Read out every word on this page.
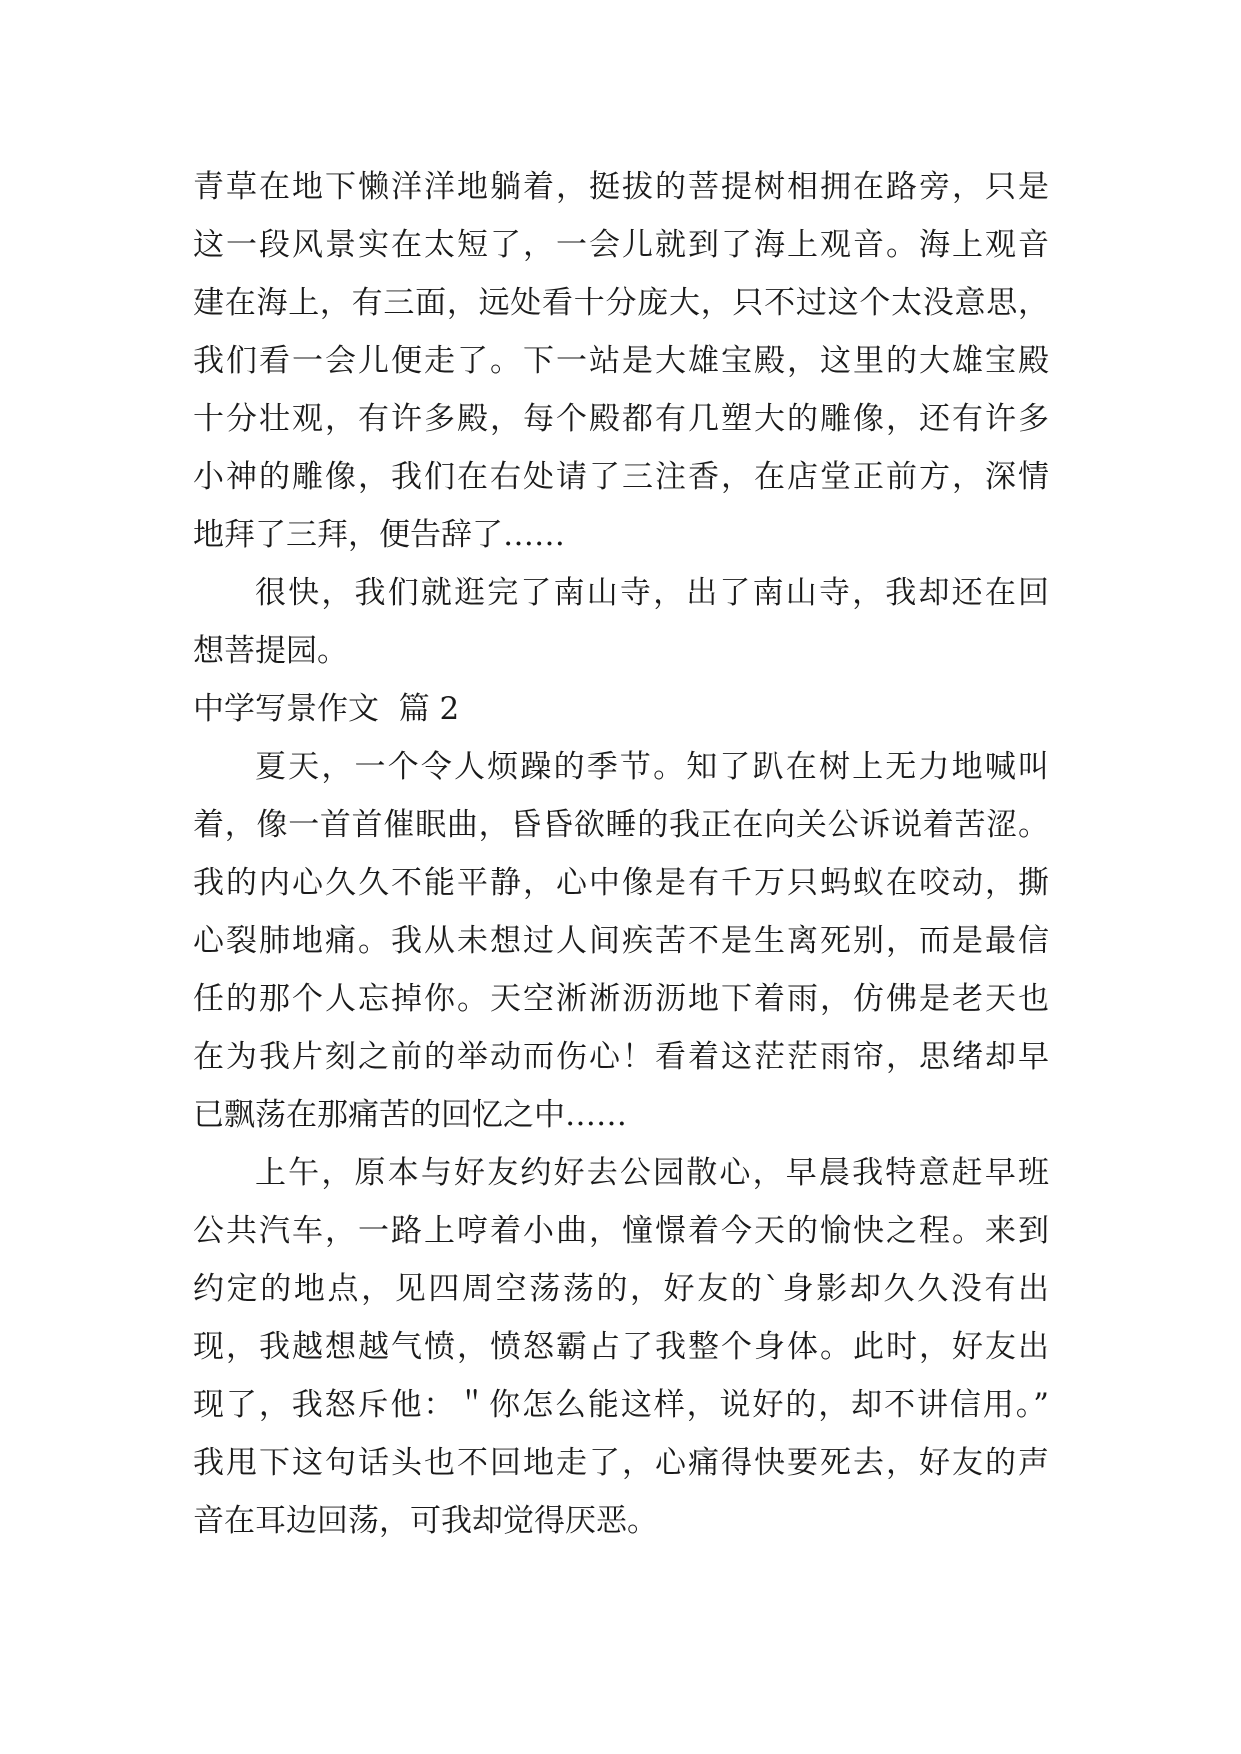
青草在地下懒洋洋地躺着，挺拔的菩提树相拥在路旁，只是
这一段风景实在太短了，一会儿就到了海上观音。海上观音
建在海上，有三面，远处看十分庞大，只不过这个太没意思，
我们看一会儿便走了。下一站是大雄宝殿，这里的大雄宝殿
十分壮观，有许多殿，每个殿都有几塑大的雕像，还有许多
小神的雕像，我们在右处请了三注香，在店堂正前方，深情
地拜了三拜，便告辞了……
很快，我们就逛完了南山寺，出了南山寺，我却还在回
想菩提园。
中学写景作文  篇 2
夏天，一个令人烦躁的季节。知了趴在树上无力地喊叫
着，像一首首催眠曲，昏昏欲睡的我正在向关公诉说着苦涩。
我的内心久久不能平静，心中像是有千万只蚂蚁在咬动，撕
心裂肺地痛。我从未想过人间疾苦不是生离死别，而是最信
任的那个人忘掉你。天空淅淅沥沥地下着雨，仿佛是老天也
在为我片刻之前的举动而伤心！看着这茫茫雨帘，思绪却早
已飘荡在那痛苦的回忆之中……
上午，原本与好友约好去公园散心，早晨我特意赶早班
公共汽车，一路上哼着小曲，憧憬着今天的愉快之程。来到
约定的地点，见四周空荡荡的，好友的`身影却久久没有出
现，我越想越气愤，愤怒霸占了我整个身体。此时，好友出
现了，我怒斥他：＂你怎么能这样，说好的，却不讲信用。”
我甩下这句话头也不回地走了，心痛得快要死去，好友的声
音在耳边回荡，可我却觉得厌恶。
